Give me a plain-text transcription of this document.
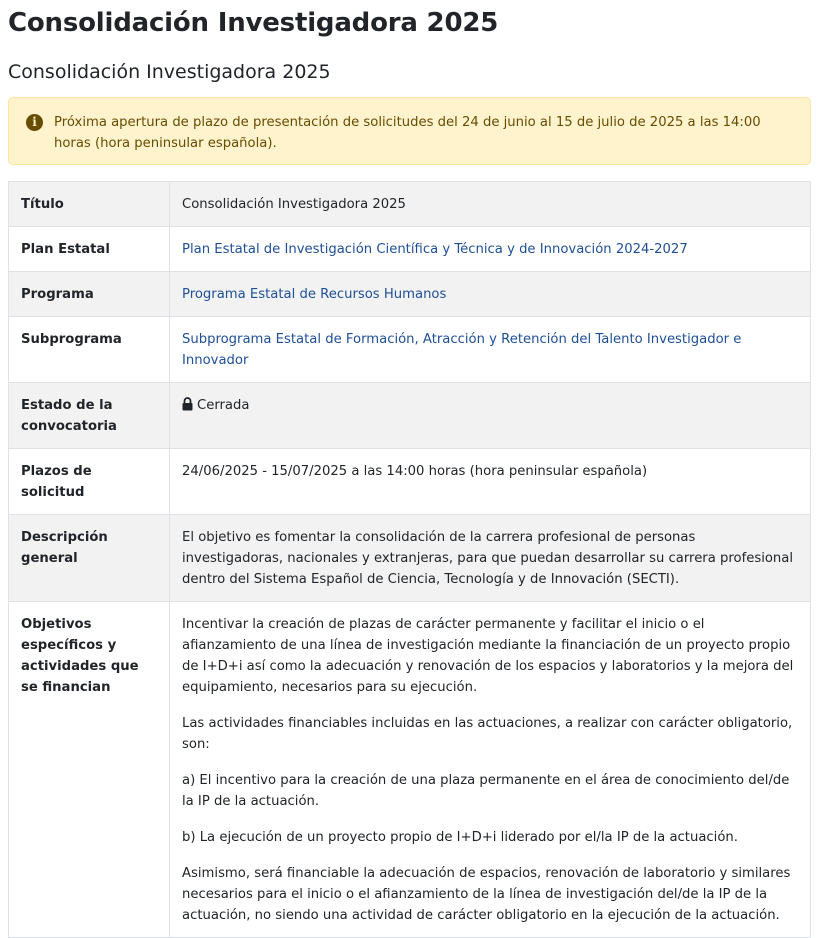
Consolidación Investigadora 2025
Consolidación Investigadora 2025
i	Próxima apertura de plazo de presentación de solicitudes del 24 de junio al 15 de julio de 2025 a las 14:00 horas (hora peninsular española).
Título	Consolidación Investigadora 2025
Plan Estatal	Plan Estatal de Investigación Científica y Técnica y de Innovación 2024-2027
Programa	Programa Estatal de Recursos Humanos
Subprograma	Subprograma Estatal de Formación, Atracción y Retención del Talento Investigador e Innovador
Estado de la convocatoria	Cerrada
Plazos de solicitud	24/06/2025 - 15/07/2025 a las 14:00 horas (hora peninsular española)
Descripción general	El objetivo es fomentar la consolidación de la carrera profesional de personas investigadoras, nacionales y extranjeras, para que puedan desarrollar su carrera profesional dentro del Sistema Español de Ciencia, Tecnología y de Innovación (SECTI).
Objetivos específicos y actividades que se financian	Incentivar la creación de plazas de carácter permanente y facilitar el inicio o el afianzamiento de una línea de investigación mediante la financiación de un proyecto propio de I+D+i así como la adecuación y renovación de los espacios y laboratorios y la mejora del equipamiento, necesarios para su ejecución.

Las actividades financiables incluidas en las actuaciones, a realizar con carácter obligatorio, son:

a) El incentivo para la creación de una plaza permanente en el área de conocimiento del/de la IP de la actuación.

b) La ejecución de un proyecto propio de I+D+i liderado por el/la IP de la actuación.

Asimismo, será financiable la adecuación de espacios, renovación de laboratorio y similares necesarios para el inicio o el afianzamiento de la línea de investigación del/de la IP de la actuación, no siendo una actividad de carácter obligatorio en la ejecución de la actuación.
